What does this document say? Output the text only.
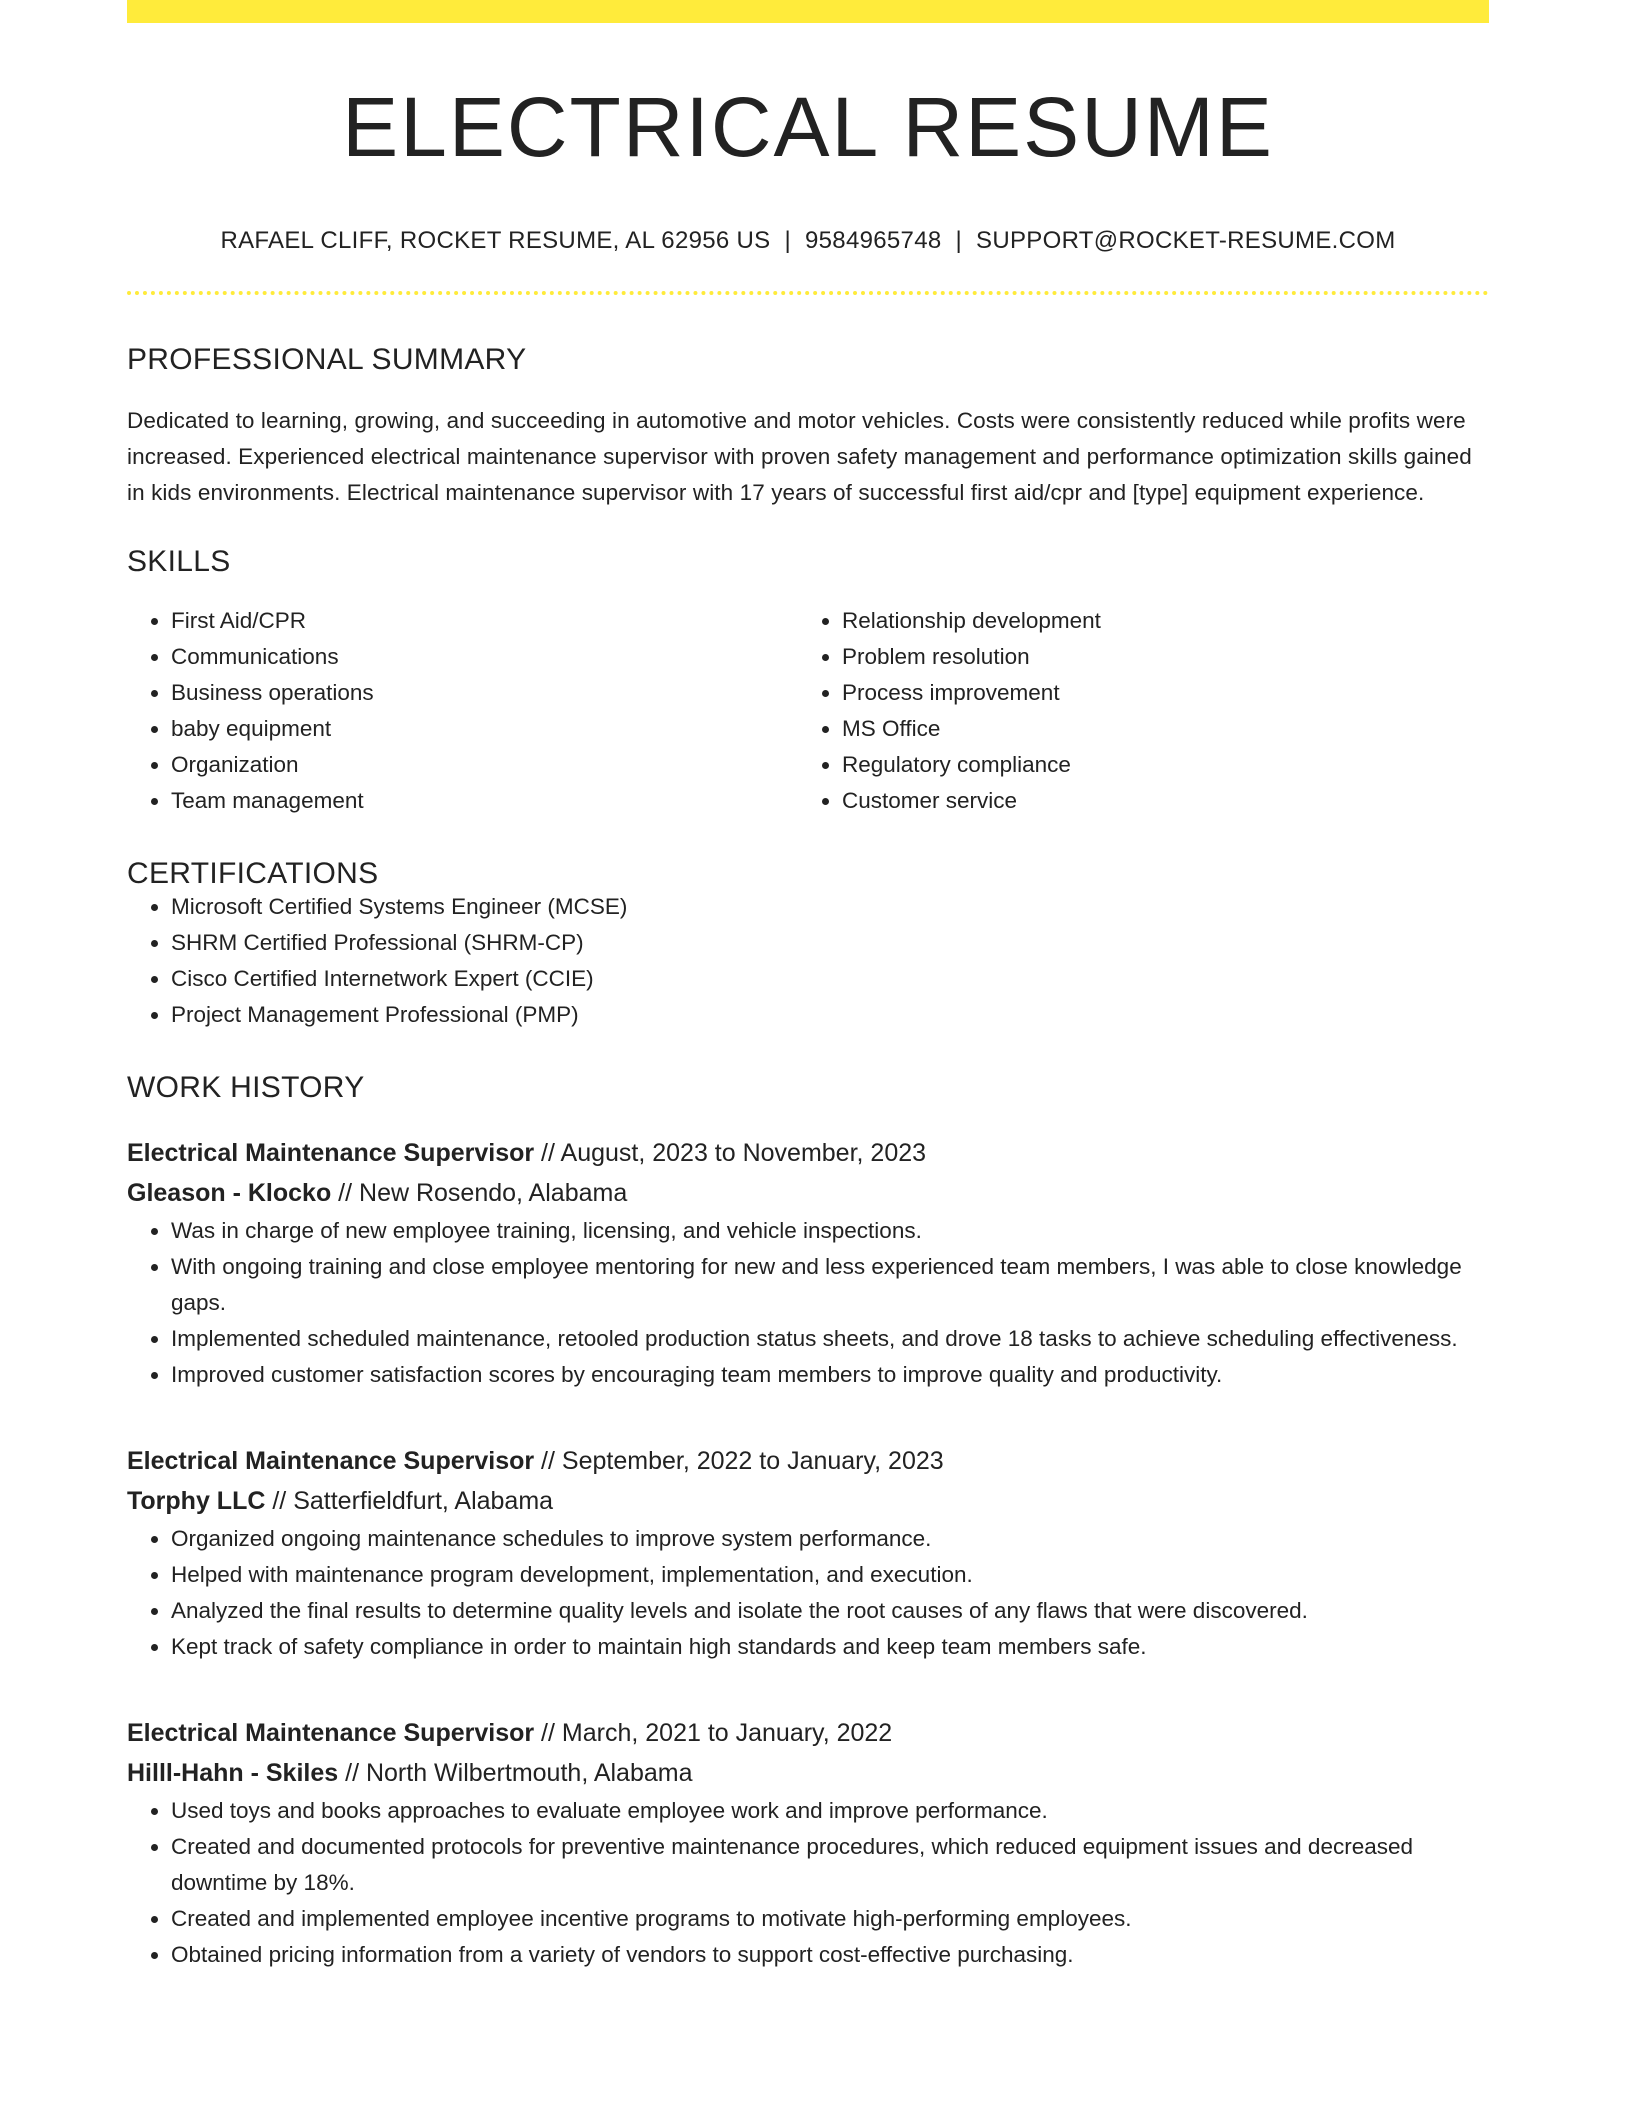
ELECTRICAL RESUME
RAFAEL CLIFF, ROCKET RESUME, AL 62956 US | 9584965748 | SUPPORT@ROCKET-RESUME.COM
PROFESSIONAL SUMMARY

Dedicated to learning, growing, and succeeding in automotive and motor vehicles. Costs were consistently reduced while profits were increased. Experienced electrical maintenance supervisor with proven safety management and performance optimization skills gained in kids environments. Electrical maintenance supervisor with 17 years of successful first aid/cpr and [type] equipment experience.

SKILLS
• First Aid/CPR
• Communications
• Business operations
• baby equipment
• Organization
• Team management
• Relationship development
• Problem resolution
• Process improvement
• MS Office
• Regulatory compliance
• Customer service
CERTIFICATIONS
• Microsoft Certified Systems Engineer (MCSE)
• SHRM Certified Professional (SHRM-CP)
• Cisco Certified Internetwork Expert (CCIE)
• Project Management Professional (PMP)
WORK HISTORY
Electrical Maintenance Supervisor // August, 2023 to November, 2023
Gleason - Klocko // New Rosendo, Alabama
• Was in charge of new employee training, licensing, and vehicle inspections.
• With ongoing training and close employee mentoring for new and less experienced team members, I was able to close knowledge gaps.
• Implemented scheduled maintenance, retooled production status sheets, and drove 18 tasks to achieve scheduling effectiveness.
• Improved customer satisfaction scores by encouraging team members to improve quality and productivity.
Electrical Maintenance Supervisor // September, 2022 to January, 2023
Torphy LLC // Satterfieldfurt, Alabama
• Organized ongoing maintenance schedules to improve system performance.
• Helped with maintenance program development, implementation, and execution.
• Analyzed the final results to determine quality levels and isolate the root causes of any flaws that were discovered.
• Kept track of safety compliance in order to maintain high standards and keep team members safe.
Electrical Maintenance Supervisor // March, 2021 to January, 2022
Hilll-Hahn - Skiles // North Wilbertmouth, Alabama
• Used toys and books approaches to evaluate employee work and improve performance.
• Created and documented protocols for preventive maintenance procedures, which reduced equipment issues and decreased downtime by 18%.
• Created and implemented employee incentive programs to motivate high-performing employees.
• Obtained pricing information from a variety of vendors to support cost-effective purchasing.
